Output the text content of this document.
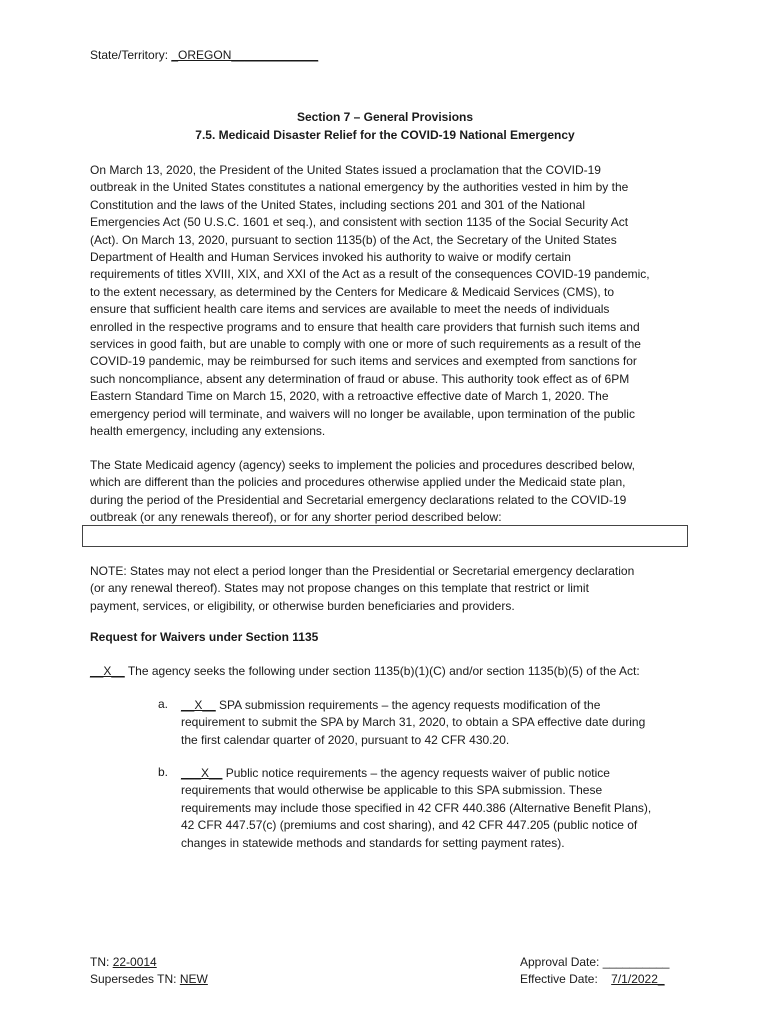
State/Territory: _OREGON_____________
Section 7 – General Provisions
7.5. Medicaid Disaster Relief for the COVID-19 National Emergency
On March 13, 2020, the President of the United States issued a proclamation that the COVID-19
outbreak in the United States constitutes a national emergency by the authorities vested in him by the
Constitution and the laws of the United States, including sections 201 and 301 of the National
Emergencies Act (50 U.S.C. 1601 et seq.), and consistent with section 1135 of the Social Security Act
(Act). On March 13, 2020, pursuant to section 1135(b) of the Act, the Secretary of the United States
Department of Health and Human Services invoked his authority to waive or modify certain
requirements of titles XVIII, XIX, and XXI of the Act as a result of the consequences COVID-19 pandemic,
to the extent necessary, as determined by the Centers for Medicare & Medicaid Services (CMS), to
ensure that sufficient health care items and services are available to meet the needs of individuals
enrolled in the respective programs and to ensure that health care providers that furnish such items and
services in good faith, but are unable to comply with one or more of such requirements as a result of the
COVID-19 pandemic, may be reimbursed for such items and services and exempted from sanctions for
such noncompliance, absent any determination of fraud or abuse. This authority took effect as of 6PM
Eastern Standard Time on March 15, 2020, with a retroactive effective date of March 1, 2020. The
emergency period will terminate, and waivers will no longer be available, upon termination of the public
health emergency, including any extensions.
The State Medicaid agency (agency) seeks to implement the policies and procedures described below,
which are different than the policies and procedures otherwise applied under the Medicaid state plan,
during the period of the Presidential and Secretarial emergency declarations related to the COVID-19
outbreak (or any renewals thereof), or for any shorter period described below:
NOTE: States may not elect a period longer than the Presidential or Secretarial emergency declaration
(or any renewal thereof). States may not propose changes on this template that restrict or limit
payment, services, or eligibility, or otherwise burden beneficiaries and providers.
Request for Waivers under Section 1135
__X__ The agency seeks the following under section 1135(b)(1)(C) and/or section 1135(b)(5) of the Act:
a. __X__ SPA submission requirements – the agency requests modification of the
requirement to submit the SPA by March 31, 2020, to obtain a SPA effective date during
the first calendar quarter of 2020, pursuant to 42 CFR 430.20.
b. ___X__ Public notice requirements – the agency requests waiver of public notice
requirements that would otherwise be applicable to this SPA submission. These
requirements may include those specified in 42 CFR 440.386 (Alternative Benefit Plans),
42 CFR 447.57(c) (premiums and cost sharing), and 42 CFR 447.205 (public notice of
changes in statewide methods and standards for setting payment rates).
TN: 22-0014
Supersedes TN: NEW
Approval Date: __________
Effective Date: 7/1/2022_
